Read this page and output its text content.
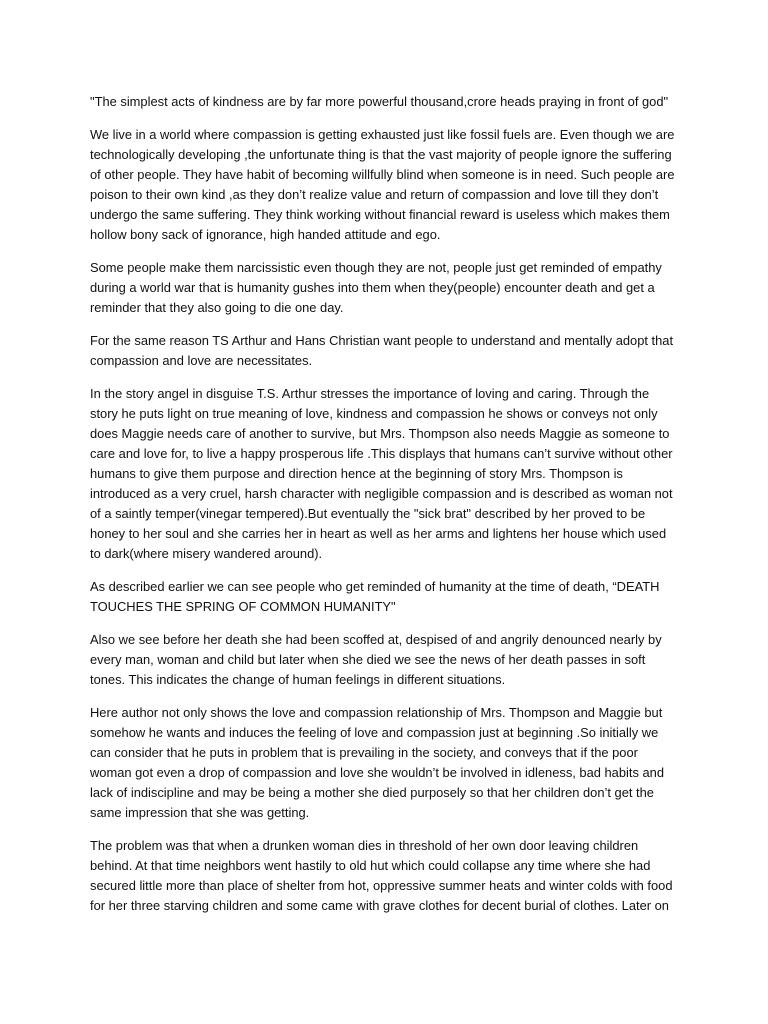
"The simplest acts of kindness are by far more powerful thousand,crore heads praying in front of god"

We live in a world where compassion is getting exhausted just like fossil fuels are. Even though we are technologically developing ,the unfortunate thing is that the vast majority of people ignore the suffering of other people. They have habit of becoming willfully blind when someone is in need. Such people are poison to their own kind ,as they don’t realize value and return of compassion and love till they don’t undergo the same suffering. They think working without financial reward is useless which makes them hollow bony sack of ignorance, high handed attitude and ego.

Some people make them narcissistic even though they are not, people just get reminded of empathy during a world war that is humanity gushes into them when they(people) encounter death and get a reminder that they also going to die one day.

For the same reason TS Arthur and Hans Christian want people to understand and mentally adopt that compassion and love are necessitates.

In the story angel in disguise T.S. Arthur stresses the importance of loving and caring. Through the story he puts light on true meaning of love, kindness and compassion he shows or conveys not only does Maggie needs care of another to survive, but Mrs. Thompson also needs Maggie as someone to care and love for, to live a happy prosperous life .This displays that humans can’t survive without other humans to give them purpose and direction hence at the beginning of story Mrs. Thompson is introduced as a very cruel, harsh character with negligible compassion and is described as woman not of a saintly temper(vinegar tempered).But eventually the "sick brat" described by her proved to be honey to her soul and she carries her in heart as well as her arms and lightens her house which used to dark(where misery wandered around).

As described earlier we can see people who get reminded of humanity at the time of death, “DEATH TOUCHES THE SPRING OF COMMON HUMANITY"

Also we see before her death she had been scoffed at, despised of and angrily denounced nearly by every man, woman and child but later when she died we see the news of her death passes in soft tones. This indicates the change of human feelings in different situations.

Here author not only shows the love and compassion relationship of Mrs. Thompson and Maggie but somehow he wants and induces the feeling of love and compassion just at beginning .So initially we can consider that he puts in problem that is prevailing in the society, and conveys that if the poor woman got even a drop of compassion and love she wouldn’t be involved in idleness, bad habits and lack of indiscipline and may be being a mother she died purposely so that her children don’t get the same impression that she was getting.

The problem was that when a drunken woman dies in threshold of her own door leaving children behind. At that time neighbors went hastily to old hut which could collapse any time where she had secured little more than place of shelter from hot, oppressive summer heats and winter colds with food for her three starving children and some came with grave clothes for decent burial of clothes. Later on
